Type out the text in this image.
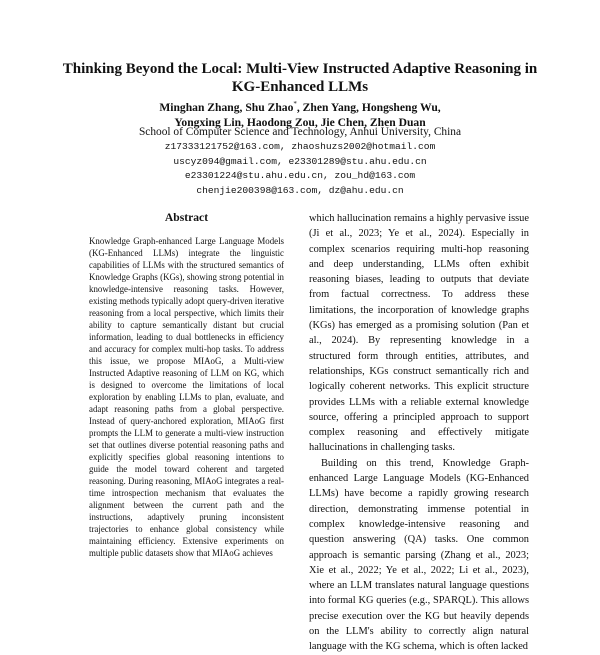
Thinking Beyond the Local: Multi-View Instructed Adaptive Reasoning in
KG-Enhanced LLMs
Minghan Zhang, Shu Zhao*, Zhen Yang, Hongsheng Wu,
Yongxing Lin, Haodong Zou, Jie Chen, Zhen Duan
School of Computer Science and Technology, Anhui University, China
z17333121752@163.com, zhaoshuzs2002@hotmail.com
uscyz094@gmail.com, e23301289@stu.ahu.edu.cn
e23301224@stu.ahu.edu.cn, zou_hd@163.com
chenjie200398@163.com, dz@ahu.edu.cn
Abstract

Knowledge Graph-enhanced Large Language Models (KG-Enhanced LLMs) integrate the linguistic capabilities of LLMs with the structured semantics of Knowledge Graphs (KGs), showing strong potential in knowledge-intensive reasoning tasks. However, existing methods typically adopt query-driven iterative reasoning from a local perspective, which limits their ability to capture semantically distant but crucial information, leading to dual bottlenecks in efficiency and accuracy for complex multi-hop tasks. To address this issue, we propose MIAoG, a Multi-view Instructed Adaptive reasoning of LLM on KG, which is designed to overcome the limitations of local exploration by enabling LLMs to plan, evaluate, and adapt reasoning paths from a global perspective. Instead of query-anchored exploration, MIAoG first prompts the LLM to generate a multi-view instruction set that outlines diverse potential reasoning paths and explicitly specifies global reasoning intentions to guide the model toward coherent and targeted reasoning. During reasoning, MIAoG integrates a real-time introspection mechanism that evaluates the alignment between the current path and the instructions, adaptively pruning inconsistent trajectories to enhance global consistency while maintaining efficiency. Extensive experiments on multiple public datasets show that MIAoG achieves

which hallucination remains a highly pervasive issue (Ji et al., 2023; Ye et al., 2024). Especially in complex scenarios requiring multi-hop reasoning and deep understanding, LLMs often exhibit reasoning biases, leading to outputs that deviate from factual correctness. To address these limitations, the incorporation of knowledge graphs (KGs) has emerged as a promising solution (Pan et al., 2024). By representing knowledge in a structured form through entities, attributes, and relationships, KGs construct semantically rich and logically coherent networks. This explicit structure provides LLMs with a reliable external knowledge source, offering a principled approach to support complex reasoning and effectively mitigate hallucinations in challenging tasks.

Building on this trend, Knowledge Graph-enhanced Large Language Models (KG-Enhanced LLMs) have become a rapidly growing research direction, demonstrating immense potential in complex knowledge-intensive reasoning and question answering (QA) tasks. One common approach is semantic parsing (Zhang et al., 2023; Xie et al., 2022; Ye et al., 2022; Li et al., 2023), where an LLM translates natural language questions into formal KG queries (e.g., SPARQL). This allows precise execution over the KG but heavily depends on the LLM's ability to correctly align natural language with the KG schema, which is often lacked
